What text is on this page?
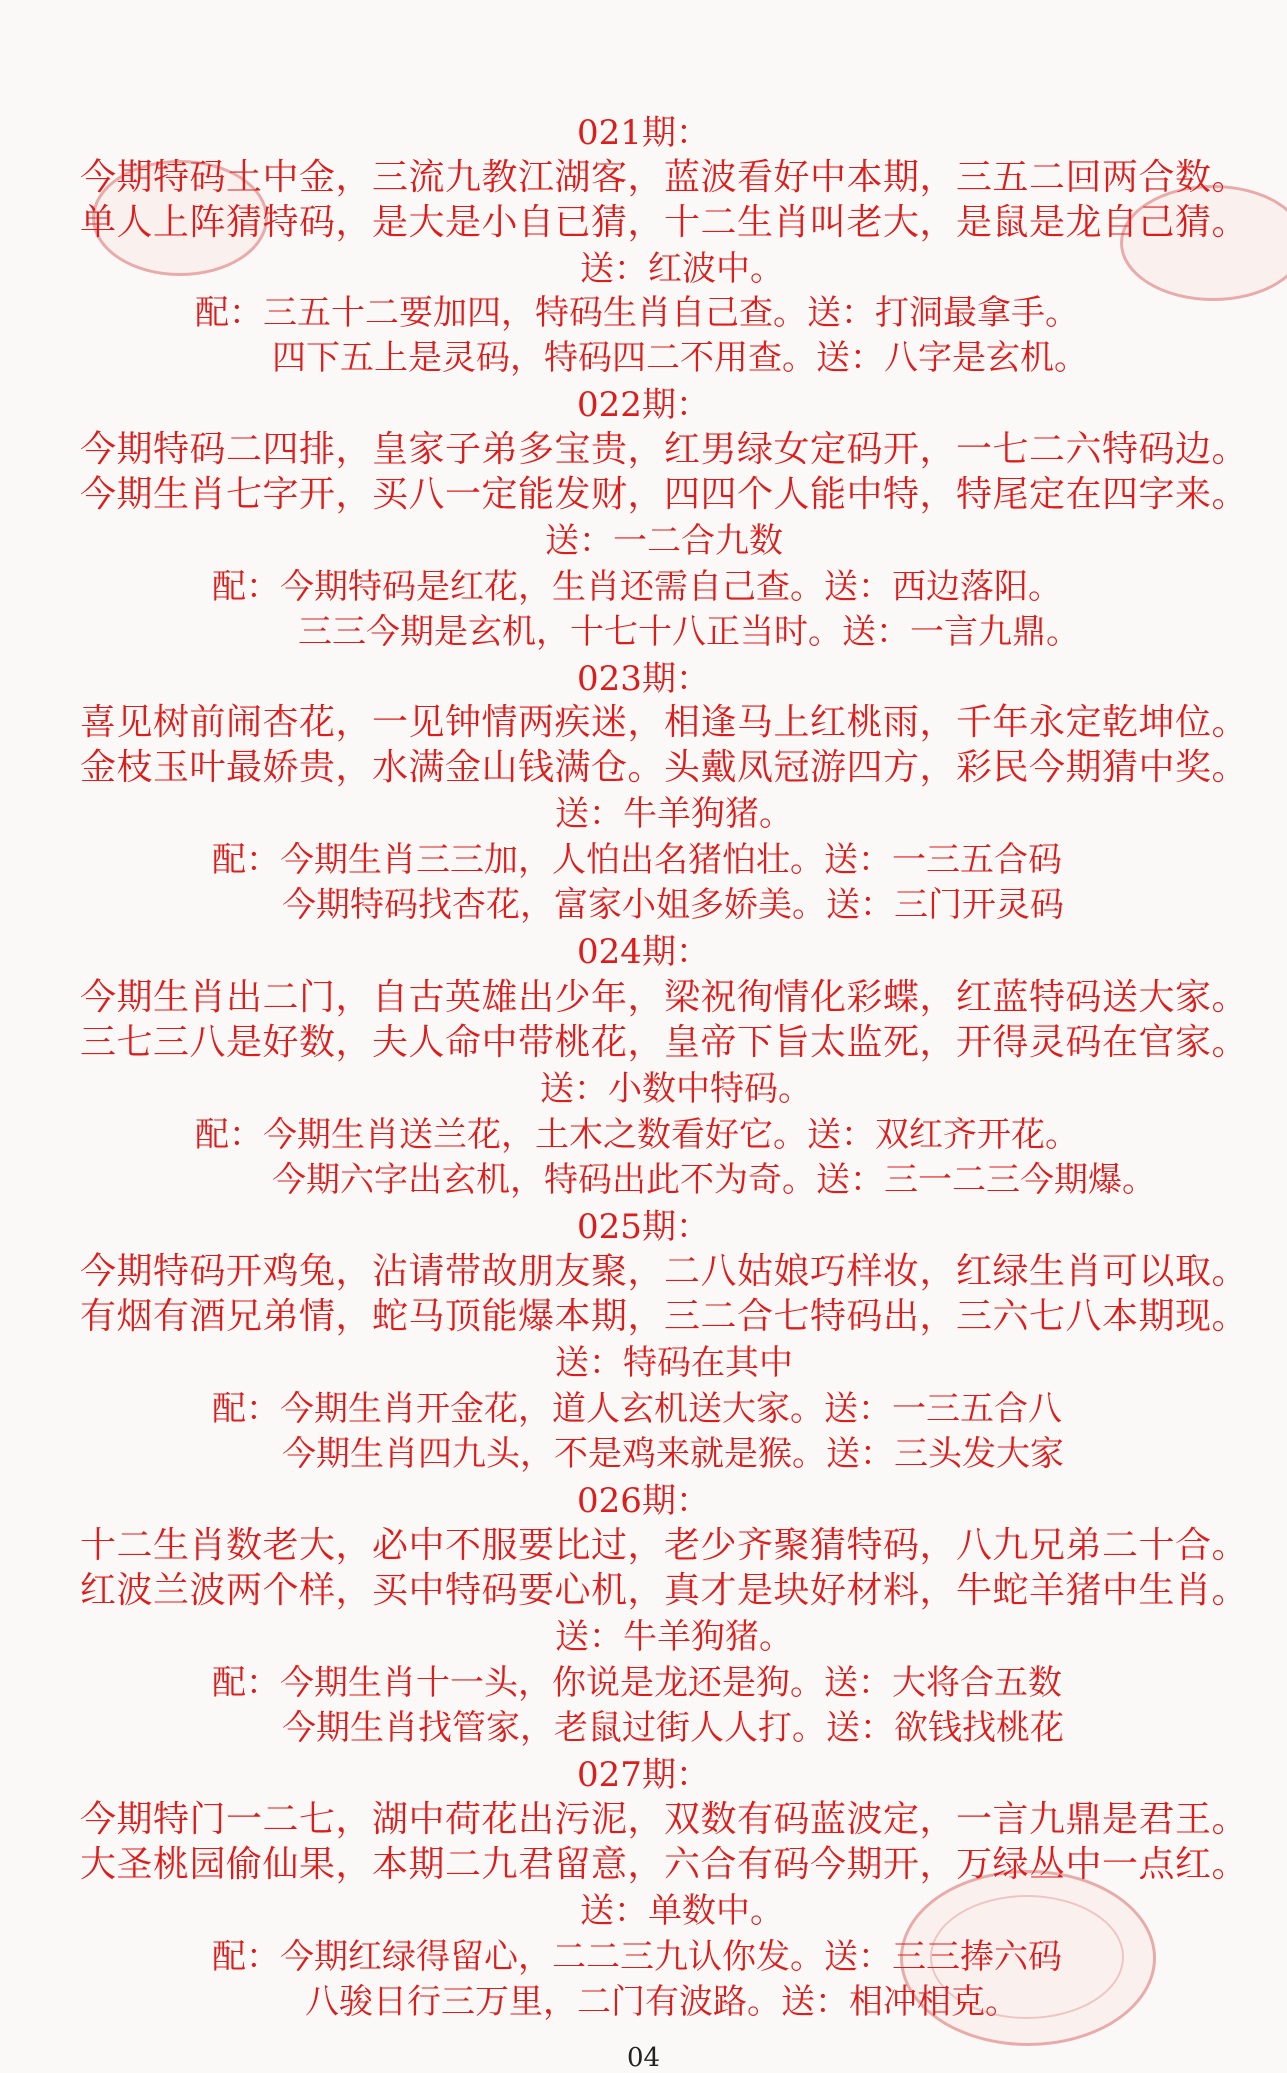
021期：
今期特码土中金，三流九教江湖客，蓝波看好中本期，三五二回两合数。
单人上阵猜特码，是大是小自已猜，十二生肖叫老大，是鼠是龙自己猜。
送：红波中。
配：三五十二要加四，特码生肖自己查。送：打洞最拿手。
四下五上是灵码，特码四二不用查。送：八字是玄机。
022期：
今期特码二四排，皇家子弟多宝贵，红男绿女定码开，一七二六特码边。
今期生肖七字开，买八一定能发财，四四个人能中特，特尾定在四字来。
送：一二合九数
配：今期特码是红花，生肖还需自己查。送：西边落阳。
三三今期是玄机，十七十八正当时。送：一言九鼎。
023期：
喜见树前闹杏花，一见钟情两疾迷，相逢马上红桃雨，千年永定乾坤位。
金枝玉叶最娇贵，水满金山钱满仓。头戴凤冠游四方，彩民今期猜中奖。
送：牛羊狗猪。
配：今期生肖三三加，人怕出名猪怕壮。送：一三五合码
今期特码找杏花，富家小姐多娇美。送：三门开灵码
024期：
今期生肖出二门，自古英雄出少年，梁祝徇情化彩蝶，红蓝特码送大家。
三七三八是好数，夫人命中带桃花，皇帝下旨太监死，开得灵码在官家。
送：小数中特码。
配：今期生肖送兰花，土木之数看好它。送：双红齐开花。
今期六字出玄机，特码出此不为奇。送：三一二三今期爆。
025期：
今期特码开鸡兔，沾请带故朋友聚，二八姑娘巧样妆，红绿生肖可以取。
有烟有酒兄弟情，蛇马顶能爆本期，三二合七特码出，三六七八本期现。
送：特码在其中
配：今期生肖开金花，道人玄机送大家。送：一三五合八
今期生肖四九头，不是鸡来就是猴。送：三头发大家
026期：
十二生肖数老大，必中不服要比过，老少齐聚猜特码，八九兄弟二十合。
红波兰波两个样，买中特码要心机，真才是块好材料，牛蛇羊猪中生肖。
送：牛羊狗猪。
配：今期生肖十一头，你说是龙还是狗。送：大将合五数
今期生肖找管家，老鼠过街人人打。送：欲钱找桃花
027期：
今期特门一二七，湖中荷花出污泥，双数有码蓝波定，一言九鼎是君王。
大圣桃园偷仙果，本期二九君留意，六合有码今期开，万绿丛中一点红。
送：单数中。
配：今期红绿得留心，二二三九认你发。送：三三捧六码
八骏日行三万里，二门有波路。送：相冲相克。
04
